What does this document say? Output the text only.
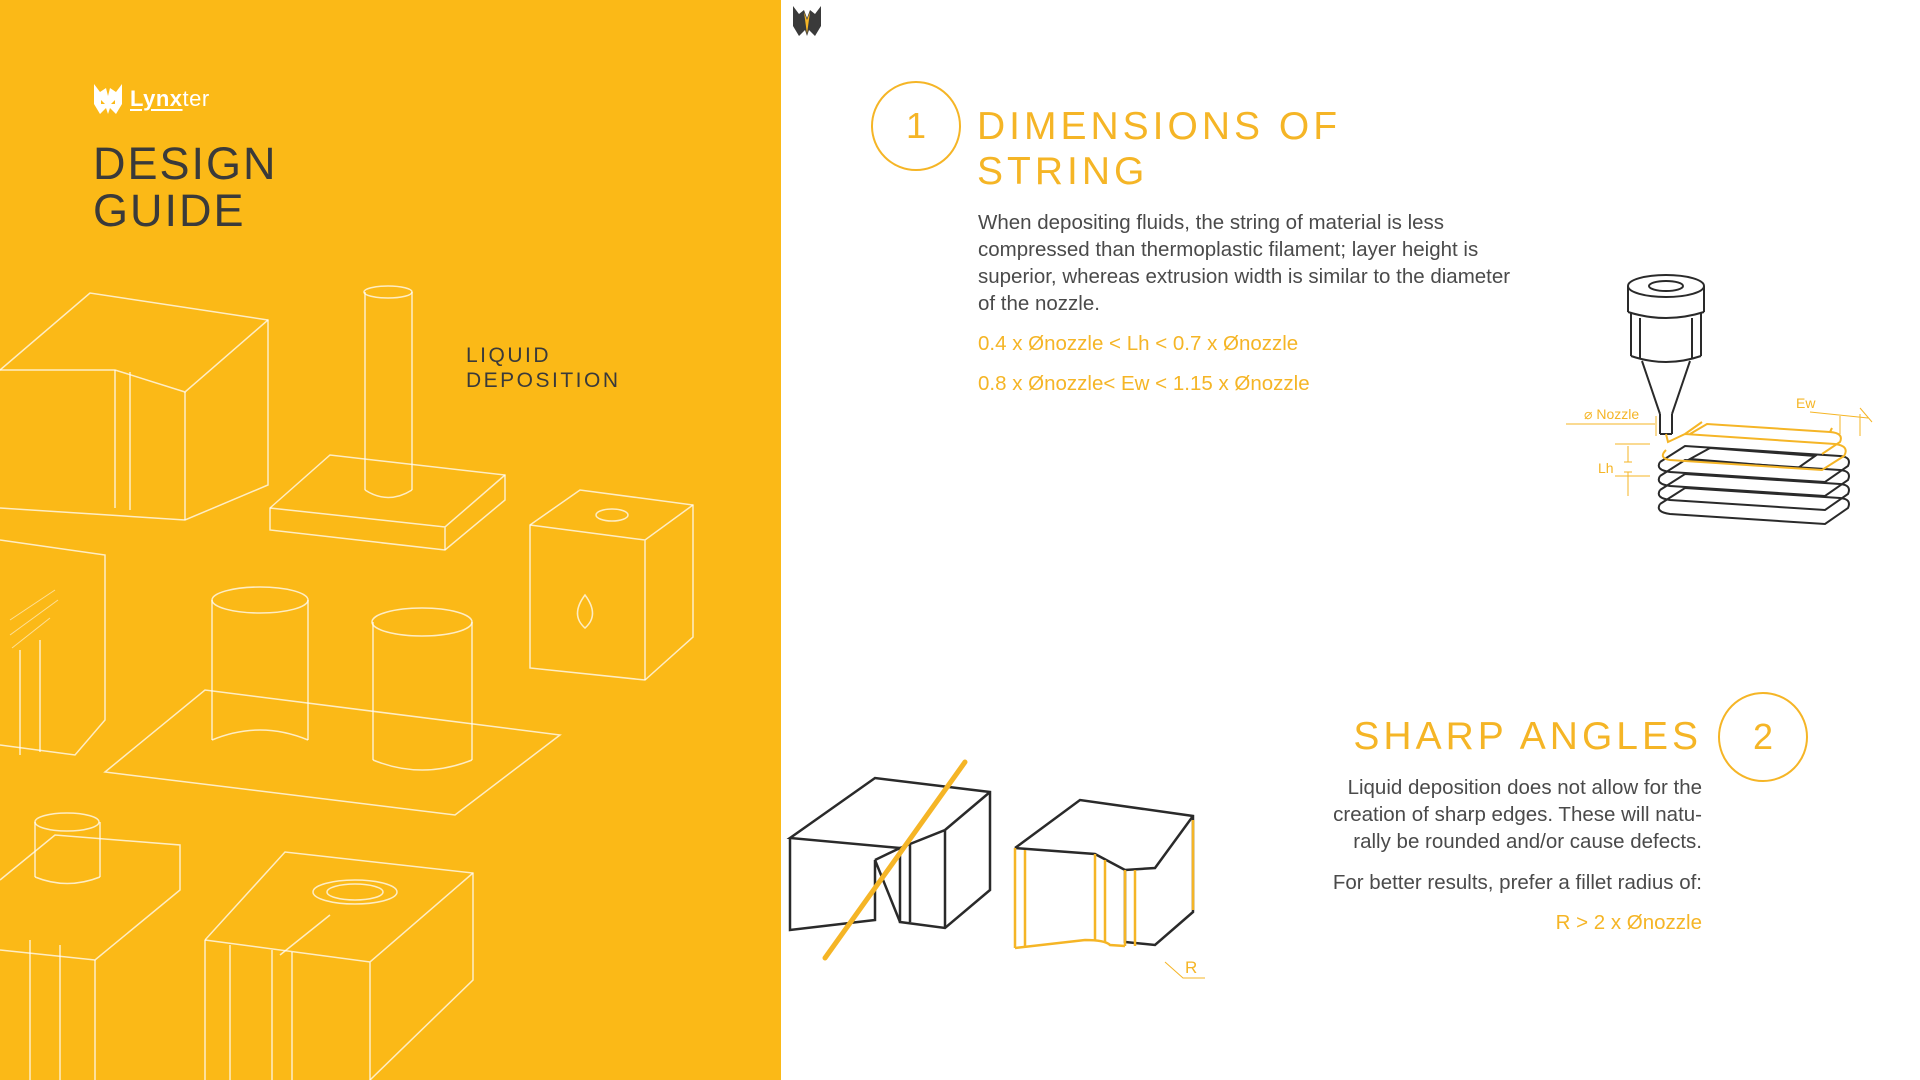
Lynxter
DESIGN
GUIDE
LIQUID
DEPOSITION
1 DIMENSIONS OF
STRING
When depositing fluids, the string of material is less compressed than thermoplastic filament; layer height is superior, whereas extrusion width is similar to the diameter of the nozzle.
0.4 x Ønozzle < Lh < 0.7 x Ønozzle
0.8 x Ønozzle< Ew < 1.15 x Ønozzle
⌀ Nozzle
Ew
Lh
2
SHARP ANGLES
Liquid deposition does not allow for the
creation of sharp edges. These will natu-
rally be rounded and/or cause defects.
For better results, prefer a fillet radius of:
R > 2 x Ønozzle
R
